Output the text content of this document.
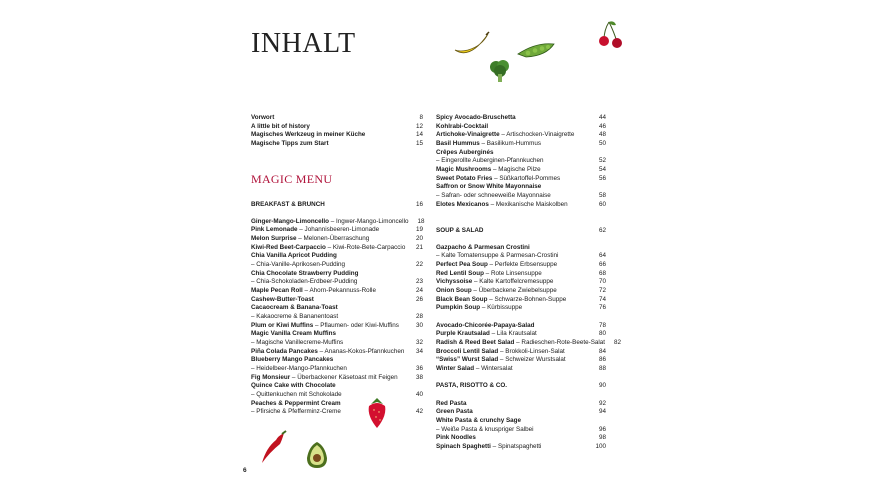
INHALT
MAGIC MENU
Vorwort	8
A little bit of history	12
Magisches Werkzeug in meiner Küche	14
Magische Tipps zum Start	15
BREAKFAST & BRUNCH	16
Ginger-Mango-Limoncello – Ingwer-Mango-Limoncello	18
Pink Lemonade – Johannisbeeren-Limonade	19
Melon Surprise – Melonen-Überraschung	20
Kiwi-Red Beet-Carpaccio – Kiwi-Rote-Bete-Carpaccio	21
Chia Vanilla Apricot Pudding
– Chia-Vanille-Aprikosen-Pudding	22
Chia Chocolate Strawberry Pudding
– Chia-Schokoladen-Erdbeer-Pudding	23
Maple Pecan Roll – Ahorn-Pekannuss-Rolle	24
Cashew-Butter-Toast	26
Cacaocream & Banana-Toast
– Kakaocreme & Bananentoast	28
Plum or Kiwi Muffins – Pflaumen- oder Kiwi-Muffins	30
Magic Vanilla Cream Muffins
– Magische Vanillecreme-Muffins	32
Piña Colada Pancakes – Ananas-Kokos-Pfannkuchen	34
Blueberry Mango Pancakes
– Heidelbeer-Mango-Pfannkuchen	36
Fig Monsieur – Überbackener Käsetoast mit Feigen	38
Quince Cake with Chocolate
– Quittenkuchen mit Schokolade	40
Peaches & Peppermint Cream
– Pfirsiche & Pfefferminz-Creme	42
Spicy Avocado-Bruschetta	44
Kohlrabi-Cocktail	46
Artichoke-Vinaigrette – Artischocken-Vinaigrette	48
Basil Hummus – Basilikum-Hummus	50
Crêpes Auberginés
– Eingerollte Auberginen-Pfannkuchen	52
Magic Mushrooms – Magische Pilze	54
Sweet Potato Fries – Süßkartoffel-Pommes	56
Saffron or Snow White Mayonnaise
– Safran- oder schneeweiße Mayonnaise	58
Elotes Mexicanos – Mexikanische Maiskolben	60
SOUP & SALAD	62
Gazpacho & Parmesan Crostini
– Kalte Tomatensuppe & Parmesan-Crostini	64
Perfect Pea Soup – Perfekte Erbsensuppe	66
Red Lentil Soup – Rote Linsensuppe	68
Vichyssoise – Kalte Kartoffelcremesuppe	70
Onion Soup – Überbackene Zwiebelsuppe	72
Black Bean Soup – Schwarze-Bohnen-Suppe	74
Pumpkin Soup – Kürbissuppe	76
Avocado-Chicorée-Papaya-Salad	78
Purple Krautsalad – Lila Krautsalat	80
Radish & Reed Beet Salad – Radieschen-Rote-Beete-Salat	82
Broccoli Lentil Salad – Brokkoli-Linsen-Salat	84
“Swiss” Wurst Salad – Schweizer Wurstsalat	86
Winter Salad – Wintersalat	88
PASTA, RISOTTO & CO.	90
Red Pasta	92
Green Pasta	94
White Pasta & crunchy Sage
– Weiße Pasta & knuspriger Salbei	96
Pink Noodles	98
Spinach Spaghetti – Spinatspaghetti	100
6
